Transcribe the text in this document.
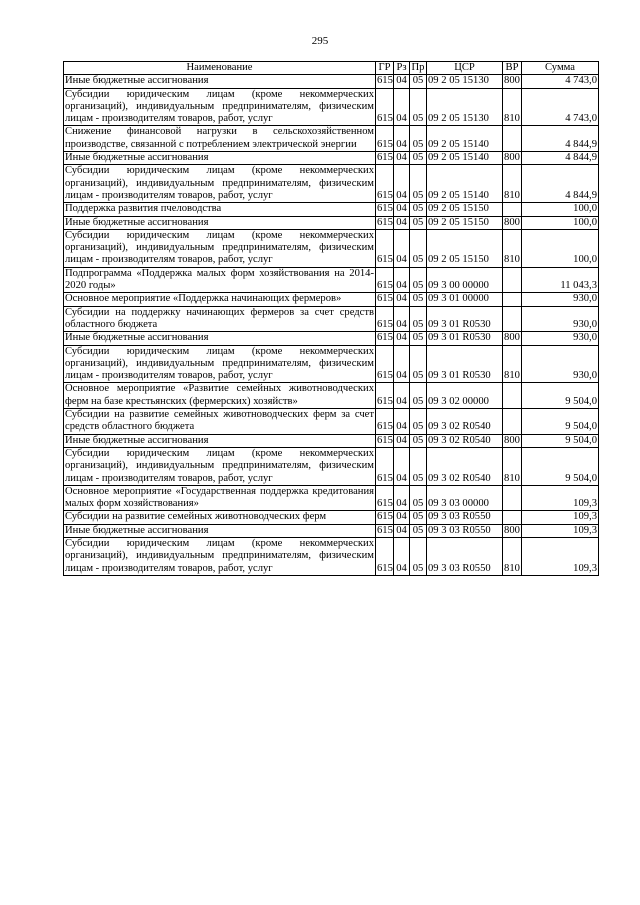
295
Наименование	ГР	Рз	Пр	ЦСР	ВР	Сумма
Иные бюджетные ассигнования	615	04	05	09 2 05 15130	800	4 743,0
Субсидии юридическим лицам (кроме некоммерческих организаций), индивидуальным предпринимателям, физическим лицам - производителям товаров, работ, услуг	615	04	05	09 2 05 15130	810	4 743,0
Снижение финансовой нагрузки в сельскохозяйственном производстве, связанной с потреблением электрической энергии	615	04	05	09 2 05 15140		4 844,9
Иные бюджетные ассигнования	615	04	05	09 2 05 15140	800	4 844,9
Субсидии юридическим лицам (кроме некоммерческих организаций), индивидуальным предпринимателям, физическим лицам - производителям товаров, работ, услуг	615	04	05	09 2 05 15140	810	4 844,9
Поддержка развития пчеловодства	615	04	05	09 2 05 15150		100,0
Иные бюджетные ассигнования	615	04	05	09 2 05 15150	800	100,0
Субсидии юридическим лицам (кроме некоммерческих организаций), индивидуальным предпринимателям, физическим лицам - производителям товаров, работ, услуг	615	04	05	09 2 05 15150	810	100,0
Подпрограмма «Поддержка малых форм хозяйствования на 2014-2020 годы»	615	04	05	09 3 00 00000		11 043,3
Основное мероприятие «Поддержка начинающих фермеров»	615	04	05	09 3 01 00000		930,0
Субсидии на поддержку начинающих фермеров за счет средств областного бюджета	615	04	05	09 3 01 R0530		930,0
Иные бюджетные ассигнования	615	04	05	09 3 01 R0530	800	930,0
Субсидии юридическим лицам (кроме некоммерческих организаций), индивидуальным предпринимателям, физическим лицам - производителям товаров, работ, услуг	615	04	05	09 3 01 R0530	810	930,0
Основное мероприятие «Развитие семейных животноводческих ферм на базе крестьянских (фермерских) хозяйств»	615	04	05	09 3 02 00000		9 504,0
Субсидии на развитие семейных животноводческих ферм за счет средств областного бюджета	615	04	05	09 3 02 R0540		9 504,0
Иные бюджетные ассигнования	615	04	05	09 3 02 R0540	800	9 504,0
Субсидии юридическим лицам (кроме некоммерческих организаций), индивидуальным предпринимателям, физическим лицам - производителям товаров, работ, услуг	615	04	05	09 3 02 R0540	810	9 504,0
Основное мероприятие «Государственная поддержка кредитования малых форм хозяйствования»	615	04	05	09 3 03 00000		109,3
Субсидии на развитие семейных животноводческих ферм	615	04	05	09 3 03 R0550		109,3
Иные бюджетные ассигнования	615	04	05	09 3 03 R0550	800	109,3
Субсидии юридическим лицам (кроме некоммерческих организаций), индивидуальным предпринимателям, физическим лицам - производителям товаров, работ, услуг	615	04	05	09 3 03 R0550	810	109,3
